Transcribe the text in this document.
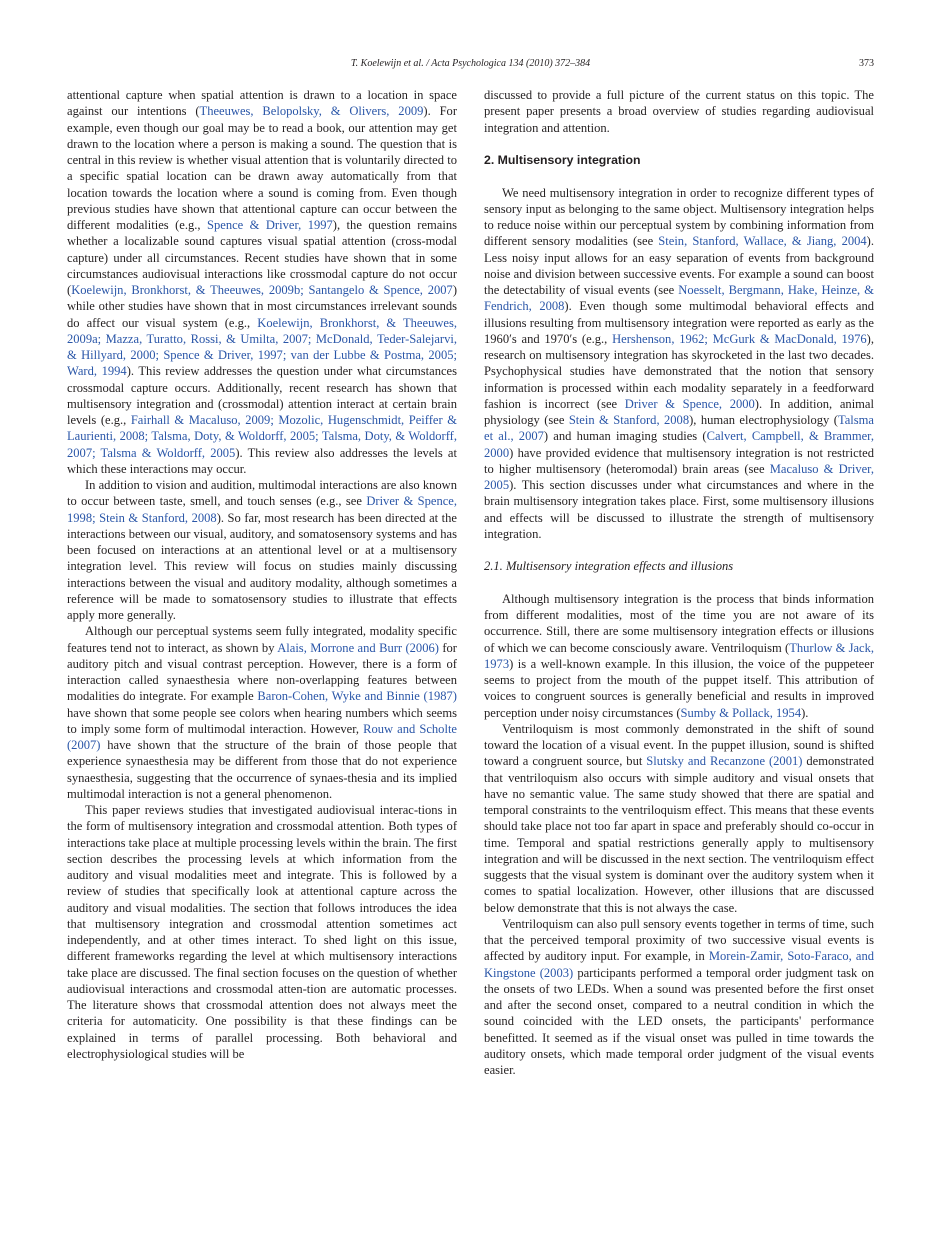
T. Koelewijn et al. / Acta Psychologica 134 (2010) 372–384	373

attentional capture when spatial attention is drawn to a location in space against our intentions (Theeuwes, Belopolsky, & Olivers, 2009). For example, even though our goal may be to read a book, our attention may get drawn to the location where a person is making a sound. The question that is central in this review is whether visual attention that is voluntarily directed to a specific spatial location can be drawn away automatically from that location towards the location where a sound is coming from. Even though previous studies have shown that attentional capture can occur between the different modalities (e.g., Spence & Driver, 1997), the question remains whether a localizable sound captures visual spatial attention (cross-modal capture) under all circumstances. Recent studies have shown that in some circumstances audiovisual interactions like crossmodal capture do not occur (Koelewijn, Bronkhorst, & Theeuwes, 2009b; Santangelo & Spence, 2007) while other studies have shown that in most circumstances irrelevant sounds do affect our visual system (e.g., Koelewijn, Bronkhorst, & Theeuwes, 2009a; Mazza, Turatto, Rossi, & Umilta, 2007; McDonald, Teder-Salejarvi, & Hillyard, 2000; Spence & Driver, 1997; van der Lubbe & Postma, 2005; Ward, 1994). This review addresses the question under what circumstances crossmodal capture occurs. Additionally, recent research has shown that multisensory integration and (crossmodal) attention interact at certain brain levels (e.g., Fairhall & Macaluso, 2009; Mozolic, Hugenschmidt, Peiffer & Laurienti, 2008; Talsma, Doty, & Woldorff, 2005; Talsma, Doty, & Woldorff, 2007; Talsma & Woldorff, 2005). This review also addresses the levels at which these interactions may occur.

In addition to vision and audition, multimodal interactions are also known to occur between taste, smell, and touch senses (e.g., see Driver & Spence, 1998; Stein & Stanford, 2008). So far, most research has been directed at the interactions between our visual, auditory, and somatosensory systems and has been focused on interactions at an attentional level or at a multisensory integration level. This review will focus on studies mainly discussing interactions between the visual and auditory modality, although sometimes a reference will be made to somatosensory studies to illustrate that effects apply more generally.

Although our perceptual systems seem fully integrated, modality specific features tend not to interact, as shown by Alais, Morrone and Burr (2006) for auditory pitch and visual contrast perception. However, there is a form of interaction called synaesthesia where non-overlapping features between modalities do integrate. For example Baron-Cohen, Wyke and Binnie (1987) have shown that some people see colors when hearing numbers which seems to imply some form of multimodal interaction. However, Rouw and Scholte (2007) have shown that the structure of the brain of those people that experience synaesthesia may be different from those that do not experience synaesthesia, suggesting that the occurrence of synaes-thesia and its implied multimodal interaction is not a general phenomenon.

This paper reviews studies that investigated audiovisual interac-tions in the form of multisensory integration and crossmodal attention. Both types of interactions take place at multiple processing levels within the brain. The first section describes the processing levels at which information from the auditory and visual modalities meet and integrate. This is followed by a review of studies that specifically look at attentional capture across the auditory and visual modalities. The section that follows introduces the idea that multisensory integration and crossmodal attention sometimes act independently, and at other times interact. To shed light on this issue, different frameworks regarding the level at which multisensory interactions take place are discussed. The final section focuses on the question of whether audiovisual interactions and crossmodal atten-tion are automatic processes. The literature shows that crossmodal attention does not always meet the criteria for automaticity. One possibility is that these findings can be explained in terms of parallel processing. Both behavioral and electrophysiological studies will be

discussed to provide a full picture of the current status on this topic. The present paper presents a broad overview of studies regarding audiovisual integration and attention.

2. Multisensory integration

We need multisensory integration in order to recognize different types of sensory input as belonging to the same object. Multisensory integration helps to reduce noise within our perceptual system by combining information from different sensory modalities (see Stein, Stanford, Wallace, & Jiang, 2004). Less noisy input allows for an easy separation of events from background noise and division between successive events. For example a sound can boost the detectability of visual events (see Noesselt, Bergmann, Hake, Heinze, & Fendrich, 2008). Even though some multimodal behavioral effects and illusions resulting from multisensory integration were reported as early as the 1960′s and 1970′s (e.g., Hershenson, 1962; McGurk & MacDonald, 1976), research on multisensory integration has skyrocketed in the last two decades. Psychophysical studies have demonstrated that the notion that sensory information is processed within each modality separately in a feedforward fashion is incorrect (see Driver & Spence, 2000). In addition, animal physiology (see Stein & Stanford, 2008), human electrophysiology (Talsma et al., 2007) and human imaging studies (Calvert, Campbell, & Brammer, 2000) have provided evidence that multisensory integration is not restricted to higher multisensory (heteromodal) brain areas (see Macaluso & Driver, 2005). This section discusses under what circumstances and where in the brain multisensory integration takes place. First, some multisensory illusions and effects will be discussed to illustrate the strength of multisensory integration.

2.1. Multisensory integration effects and illusions

Although multisensory integration is the process that binds information from different modalities, most of the time you are not aware of its occurrence. Still, there are some multisensory integration effects or illusions of which we can become consciously aware. Ventriloquism (Thurlow & Jack, 1973) is a well-known example. In this illusion, the voice of the puppeteer seems to project from the mouth of the puppet itself. This attribution of voices to congruent sources is generally beneficial and results in improved perception under noisy circumstances (Sumby & Pollack, 1954).

Ventriloquism is most commonly demonstrated in the shift of sound toward the location of a visual event. In the puppet illusion, sound is shifted toward a congruent source, but Slutsky and Recanzone (2001) demonstrated that ventriloquism also occurs with simple auditory and visual onsets that have no semantic value. The same study showed that there are spatial and temporal constraints to the ventriloquism effect. This means that these events should take place not too far apart in space and preferably should co-occur in time. Temporal and spatial restrictions generally apply to multisensory integration and will be discussed in the next section. The ventriloquism effect suggests that the visual system is dominant over the auditory system when it comes to spatial localization. However, other illusions that are discussed below demonstrate that this is not always the case.

Ventriloquism can also pull sensory events together in terms of time, such that the perceived temporal proximity of two successive visual events is affected by auditory input. For example, in Morein-Zamir, Soto-Faraco, and Kingstone (2003) participants performed a temporal order judgment task on the onsets of two LEDs. When a sound was presented before the first onset and after the second onset, compared to a neutral condition in which the sound coincided with the LED onsets, the participants' performance benefitted. It seemed as if the visual onset was pulled in time towards the auditory onsets, which made temporal order judgment of the visual events easier.
